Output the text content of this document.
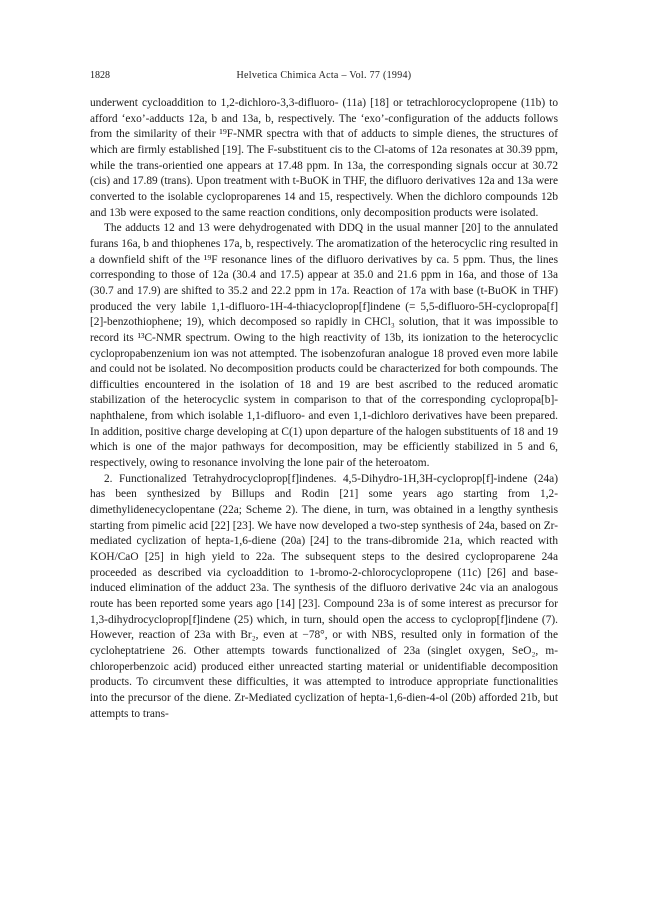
1828	Helvetica Chimica Acta – Vol. 77 (1994)

underwent cycloaddition to 1,2-dichloro-3,3-difluoro- (11a) [18] or tetrachlorocyclopropene (11b) to afford ‘exo’-adducts 12a, b and 13a, b, respectively. The ‘exo’-configuration of the adducts follows from the similarity of their ¹⁹F-NMR spectra with that of adducts to simple dienes, the structures of which are firmly established [19]. The F-substituent cis to the Cl-atoms of 12a resonates at 30.39 ppm, while the trans-orientied one appears at 17.48 ppm. In 13a, the corresponding signals occur at 30.72 (cis) and 17.89 (trans). Upon treatment with t-BuOK in THF, the difluoro derivatives 12a and 13a were converted to the isolable cycloproparenes 14 and 15, respectively. When the dichloro compounds 12b and 13b were exposed to the same reaction conditions, only decomposition products were isolated.

The adducts 12 and 13 were dehydrogenated with DDQ in the usual manner [20] to the annulated furans 16a, b and thiophenes 17a, b, respectively. The aromatization of the heterocyclic ring resulted in a downfield shift of the ¹⁹F resonance lines of the difluoro derivatives by ca. 5 ppm. Thus, the lines corresponding to those of 12a (30.4 and 17.5) appear at 35.0 and 21.6 ppm in 16a, and those of 13a (30.7 and 17.9) are shifted to 35.2 and 22.2 ppm in 17a. Reaction of 17a with base (t-BuOK in THF) produced the very labile 1,1-difluoro-1H-4-thiacycloprop[f]indene (= 5,5-difluoro-5H-cyclopropa[f][2]-benzothiophene; 19), which decomposed so rapidly in CHCl₃ solution, that it was impossible to record its ¹³C-NMR spectrum. Owing to the high reactivity of 13b, its ionization to the heterocyclic cyclopropabenzenium ion was not attempted. The isobenzofuran analogue 18 proved even more labile and could not be isolated. No decomposition products could be characterized for both compounds. The difficulties encountered in the isolation of 18 and 19 are best ascribed to the reduced aromatic stabilization of the heterocyclic system in comparison to that of the corresponding cyclopropa[b]-naphthalene, from which isolable 1,1-difluoro- and even 1,1-dichloro derivatives have been prepared. In addition, positive charge developing at C(1) upon departure of the halogen substituents of 18 and 19 which is one of the major pathways for decomposition, may be efficiently stabilized in 5 and 6, respectively, owing to resonance involving the lone pair of the heteroatom.

2. Functionalized Tetrahydrocycloprop[f]indenes. 4,5-Dihydro-1H,3H-cycloprop[f]-indene (24a) has been synthesized by Billups and Rodin [21] some years ago starting from 1,2-dimethylidenecyclopentane (22a; Scheme 2). The diene, in turn, was obtained in a lengthy synthesis starting from pimelic acid [22] [23]. We have now developed a two-step synthesis of 24a, based on Zr-mediated cyclization of hepta-1,6-diene (20a) [24] to the trans-dibromide 21a, which reacted with KOH/CaO [25] in high yield to 22a. The subsequent steps to the desired cycloproparene 24a proceeded as described via cycloaddition to 1-bromo-2-chlorocyclopropene (11c) [26] and base-induced elimination of the adduct 23a. The synthesis of the difluoro derivative 24c via an analogous route has been reported some years ago [14] [23]. Compound 23a is of some interest as precursor for 1,3-dihydrocycloprop[f]indene (25) which, in turn, should open the access to cycloprop[f]indene (7). However, reaction of 23a with Br₂, even at −78°, or with NBS, resulted only in formation of the cycloheptatriene 26. Other attempts towards functionalized of 23a (singlet oxygen, SeO₂, m-chloroperbenzoic acid) produced either unreacted starting material or unidentifiable decomposition products. To circumvent these difficulties, it was attempted to introduce appropriate functionalities into the precursor of the diene. Zr-Mediated cyclization of hepta-1,6-dien-4-ol (20b) afforded 21b, but attempts to trans-
